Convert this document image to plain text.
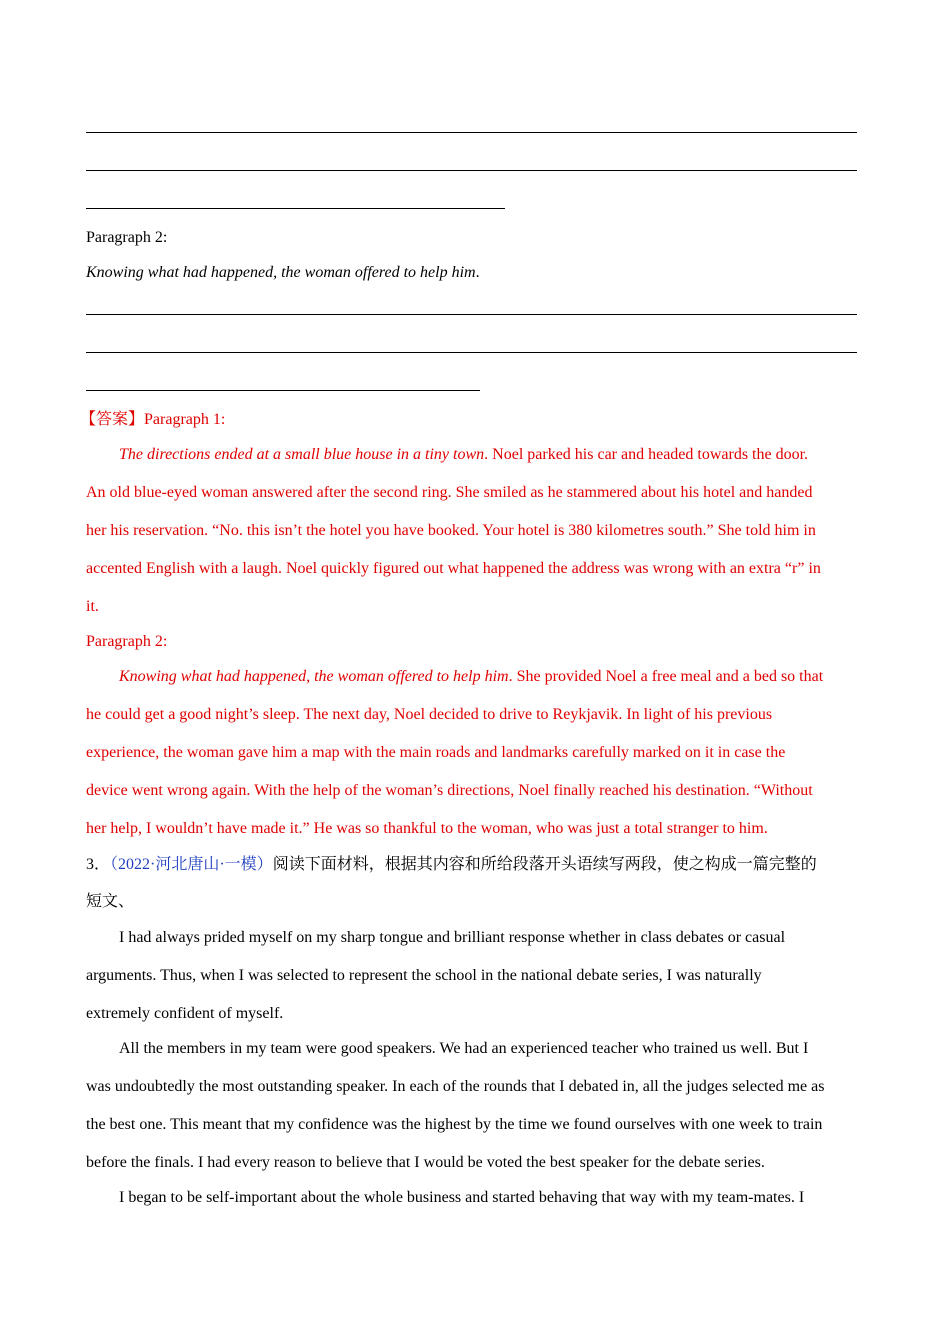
Paragraph 2:
Knowing what had happened, the woman offered to help him.
【答案】Paragraph 1:
The directions ended at a small blue house in a tiny town. Noel parked his car and headed towards the door.
An old blue-eyed woman answered after the second ring. She smiled as he stammered about his hotel and handed
her his reservation. “No. this isn’t the hotel you have booked. Your hotel is 380 kilometres south.” She told him in
accented English with a laugh. Noel quickly figured out what happened the address was wrong with an extra “r” in
it.
Paragraph 2:
Knowing what had happened, the woman offered to help him. She provided Noel a free meal and a bed so that
he could get a good night’s sleep. The next day, Noel decided to drive to Reykjavik. In light of his previous
experience, the woman gave him a map with the main roads and landmarks carefully marked on it in case the
device went wrong again. With the help of the woman’s directions, Noel finally reached his destination. “Without
her help, I wouldn’t have made it.” He was so thankful to the woman, who was just a total stranger to him.
3．（2022·河北唐山·一模）阅读下面材料，根据其内容和所给段落开头语续写两段，使之构成一篇完整的
短文、
I had always prided myself on my sharp tongue and brilliant response whether in class debates or casual
arguments. Thus, when I was selected to represent the school in the national debate series, I was naturally
extremely confident of myself.
All the members in my team were good speakers. We had an experienced teacher who trained us well. But I
was undoubtedly the most outstanding speaker. In each of the rounds that I debated in, all the judges selected me as
the best one. This meant that my confidence was the highest by the time we found ourselves with one week to train
before the finals. I had every reason to believe that I would be voted the best speaker for the debate series.
I began to be self-important about the whole business and started behaving that way with my team-mates. I
